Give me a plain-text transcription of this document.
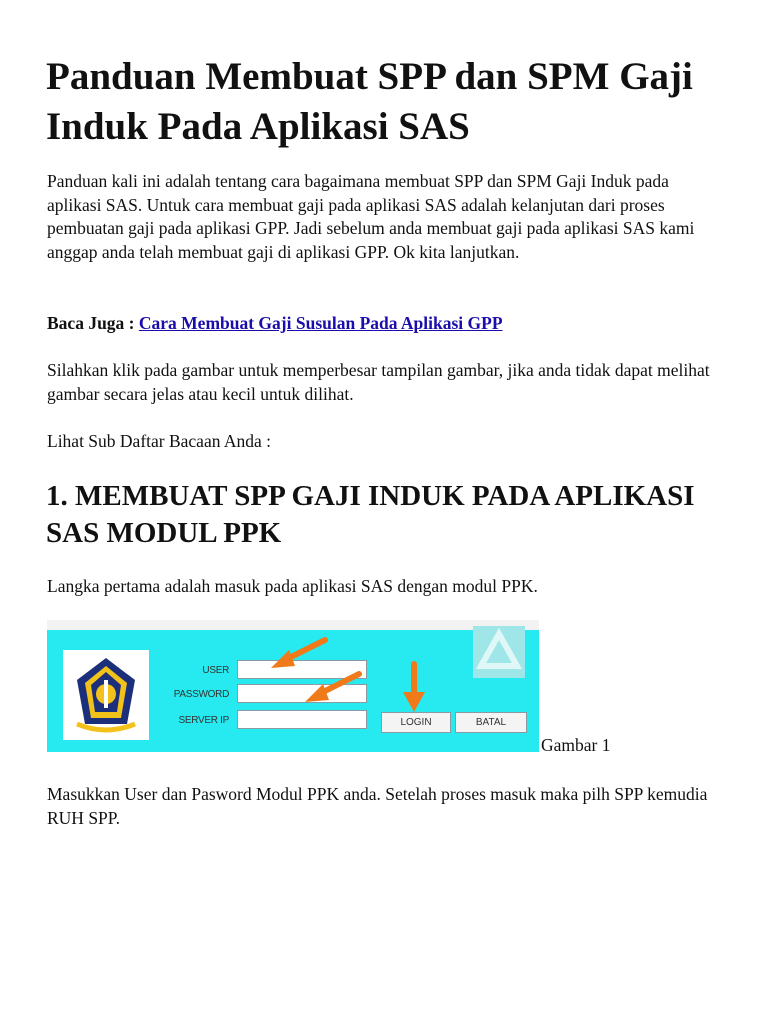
Panduan Membuat SPP dan SPM Gaji Induk Pada Aplikasi SAS

Panduan kali ini adalah tentang cara bagaimana membuat SPP dan SPM Gaji Induk pada aplikasi SAS. Untuk cara membuat gaji pada aplikasi SAS adalah kelanjutan dari proses pembuatan gaji pada aplikasi GPP. Jadi sebelum anda membuat gaji pada aplikasi SAS kami anggap anda telah membuat gaji di aplikasi GPP. Ok kita lanjutkan.

Baca Juga : Cara Membuat Gaji Susulan Pada Aplikasi GPP

Silahkan klik pada gambar untuk memperbesar tampilan gambar, jika anda tidak dapat melihat gambar secara jelas atau kecil untuk dilihat.

Lihat Sub Daftar Bacaan Anda :

1. MEMBUAT SPP GAJI INDUK PADA APLIKASI SAS MODUL PPK

Langka pertama adalah masuk pada aplikasi SAS dengan modul PPK.

USER
PASSWORD
SERVER IP	LOGIN	BATAL
Gambar 1

Masukkan User dan Pasword Modul PPK anda. Setelah proses masuk maka pilh SPP kemudia RUH SPP.
